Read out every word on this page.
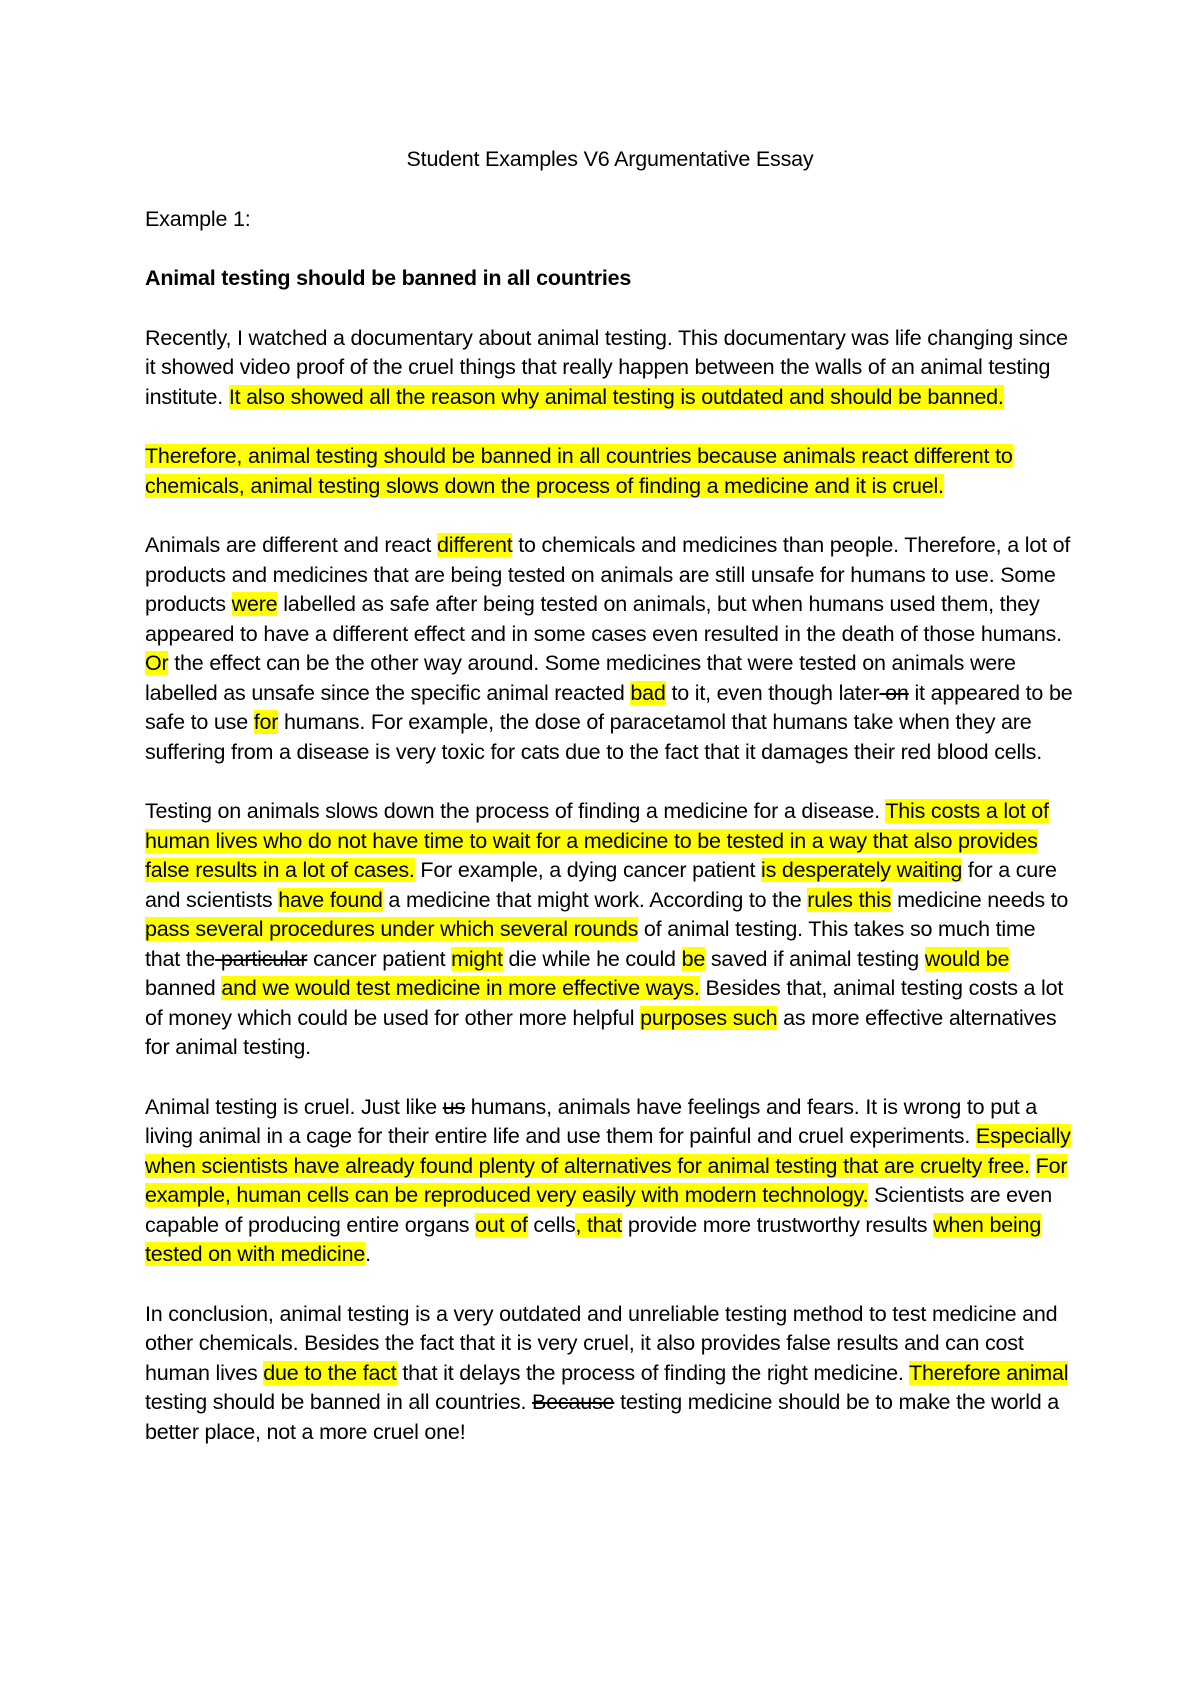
Student Examples V6 Argumentative Essay

Example 1:

Animal testing should be banned in all countries

Recently, I watched a documentary about animal testing. This documentary was life changing since it showed video proof of the cruel things that really happen between the walls of an animal testing institute. It also showed all the reason why animal testing is outdated and should be banned.

Therefore, animal testing should be banned in all countries because animals react different to chemicals, animal testing slows down the process of finding a medicine and it is cruel.

Animals are different and react different to chemicals and medicines than people. Therefore, a lot of products and medicines that are being tested on animals are still unsafe for humans to use. Some products were labelled as safe after being tested on animals, but when humans used them, they appeared to have a different effect and in some cases even resulted in the death of those humans. Or the effect can be the other way around. Some medicines that were tested on animals were labelled as unsafe since the specific animal reacted bad to it, even though later on it appeared to be safe to use for humans. For example, the dose of paracetamol that humans take when they are suffering from a disease is very toxic for cats due to the fact that it damages their red blood cells.

Testing on animals slows down the process of finding a medicine for a disease. This costs a lot of human lives who do not have time to wait for a medicine to be tested in a way that also provides false results in a lot of cases. For example, a dying cancer patient is desperately waiting for a cure and scientists have found a medicine that might work. According to the rules this medicine needs to pass several procedures under which several rounds of animal testing. This takes so much time that the particular cancer patient might die while he could be saved if animal testing would be banned and we would test medicine in more effective ways. Besides that, animal testing costs a lot of money which could be used for other more helpful purposes such as more effective alternatives for animal testing.

Animal testing is cruel. Just like us humans, animals have feelings and fears. It is wrong to put a living animal in a cage for their entire life and use them for painful and cruel experiments. Especially when scientists have already found plenty of alternatives for animal testing that are cruelty free. For example, human cells can be reproduced very easily with modern technology. Scientists are even capable of producing entire organs out of cells, that provide more trustworthy results when being tested on with medicine.

In conclusion, animal testing is a very outdated and unreliable testing method to test medicine and other chemicals. Besides the fact that it is very cruel, it also provides false results and can cost human lives due to the fact that it delays the process of finding the right medicine. Therefore animal testing should be banned in all countries. Because testing medicine should be to make the world a better place, not a more cruel one!
